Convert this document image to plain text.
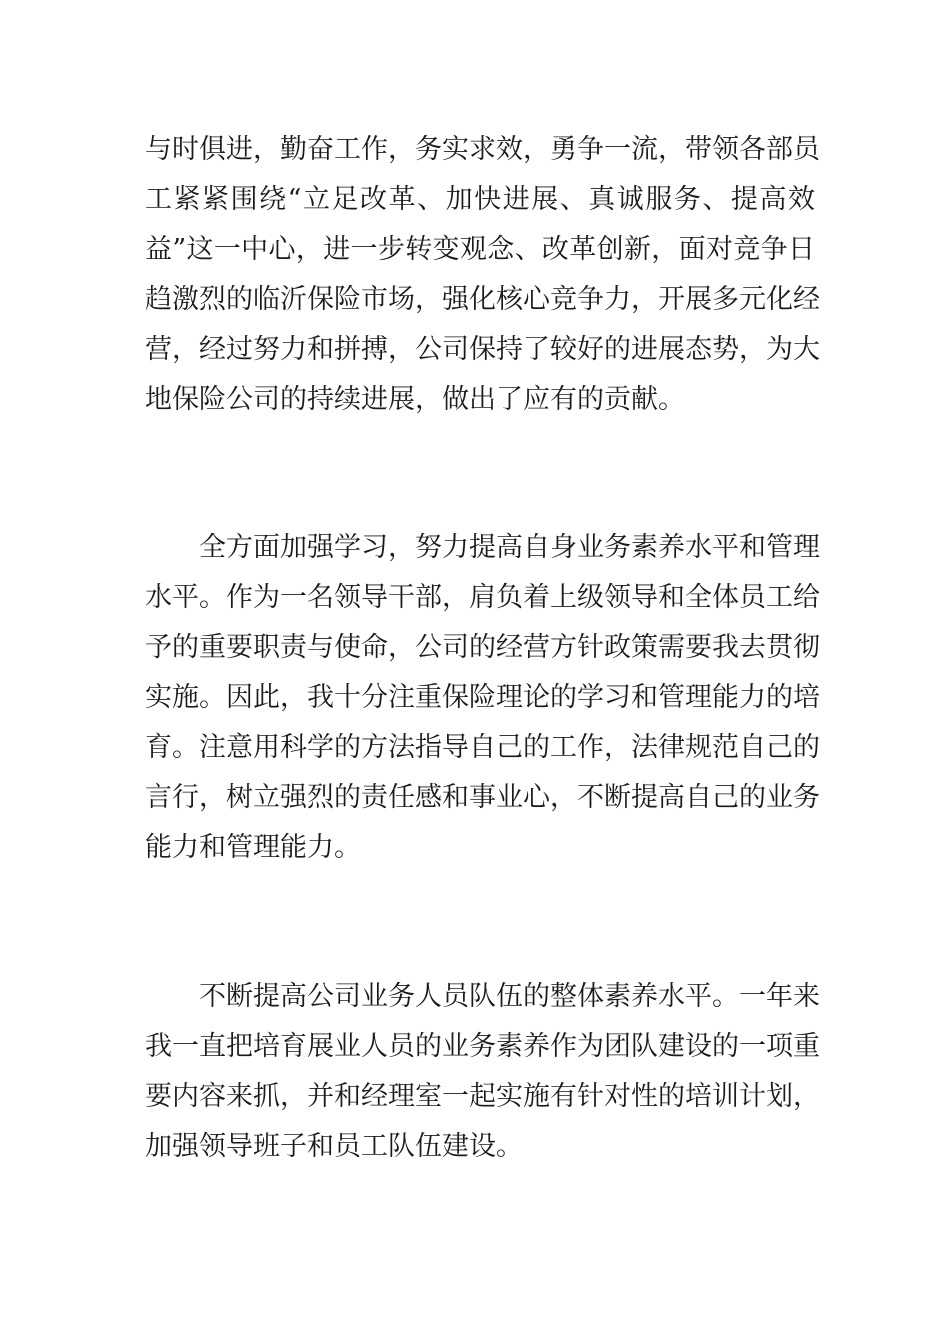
与时俱进，勤奋工作，务实求效，勇争一流，带领各部员

工紧紧围绕“立足改革、加快进展、真诚服务、提高效

益”这一中心，进一步转变观念、改革创新，面对竞争日

趋激烈的临沂保险市场，强化核心竞争力，开展多元化经

营，经过努力和拼搏，公司保持了较好的进展态势，为大

地保险公司的持续进展，做出了应有的贡献。

全方面加强学习，努力提高自身业务素养水平和管理

水平。作为一名领导干部，肩负着上级领导和全体员工给

予的重要职责与使命，公司的经营方针政策需要我去贯彻

实施。因此，我十分注重保险理论的学习和管理能力的培

育。注意用科学的方法指导自己的工作，法律规范自己的

言行，树立强烈的责任感和事业心，不断提高自己的业务

能力和管理能力。

不断提高公司业务人员队伍的整体素养水平。一年来

我一直把培育展业人员的业务素养作为团队建设的一项重

要内容来抓，并和经理室一起实施有针对性的培训计划，

加强领导班子和员工队伍建设。
